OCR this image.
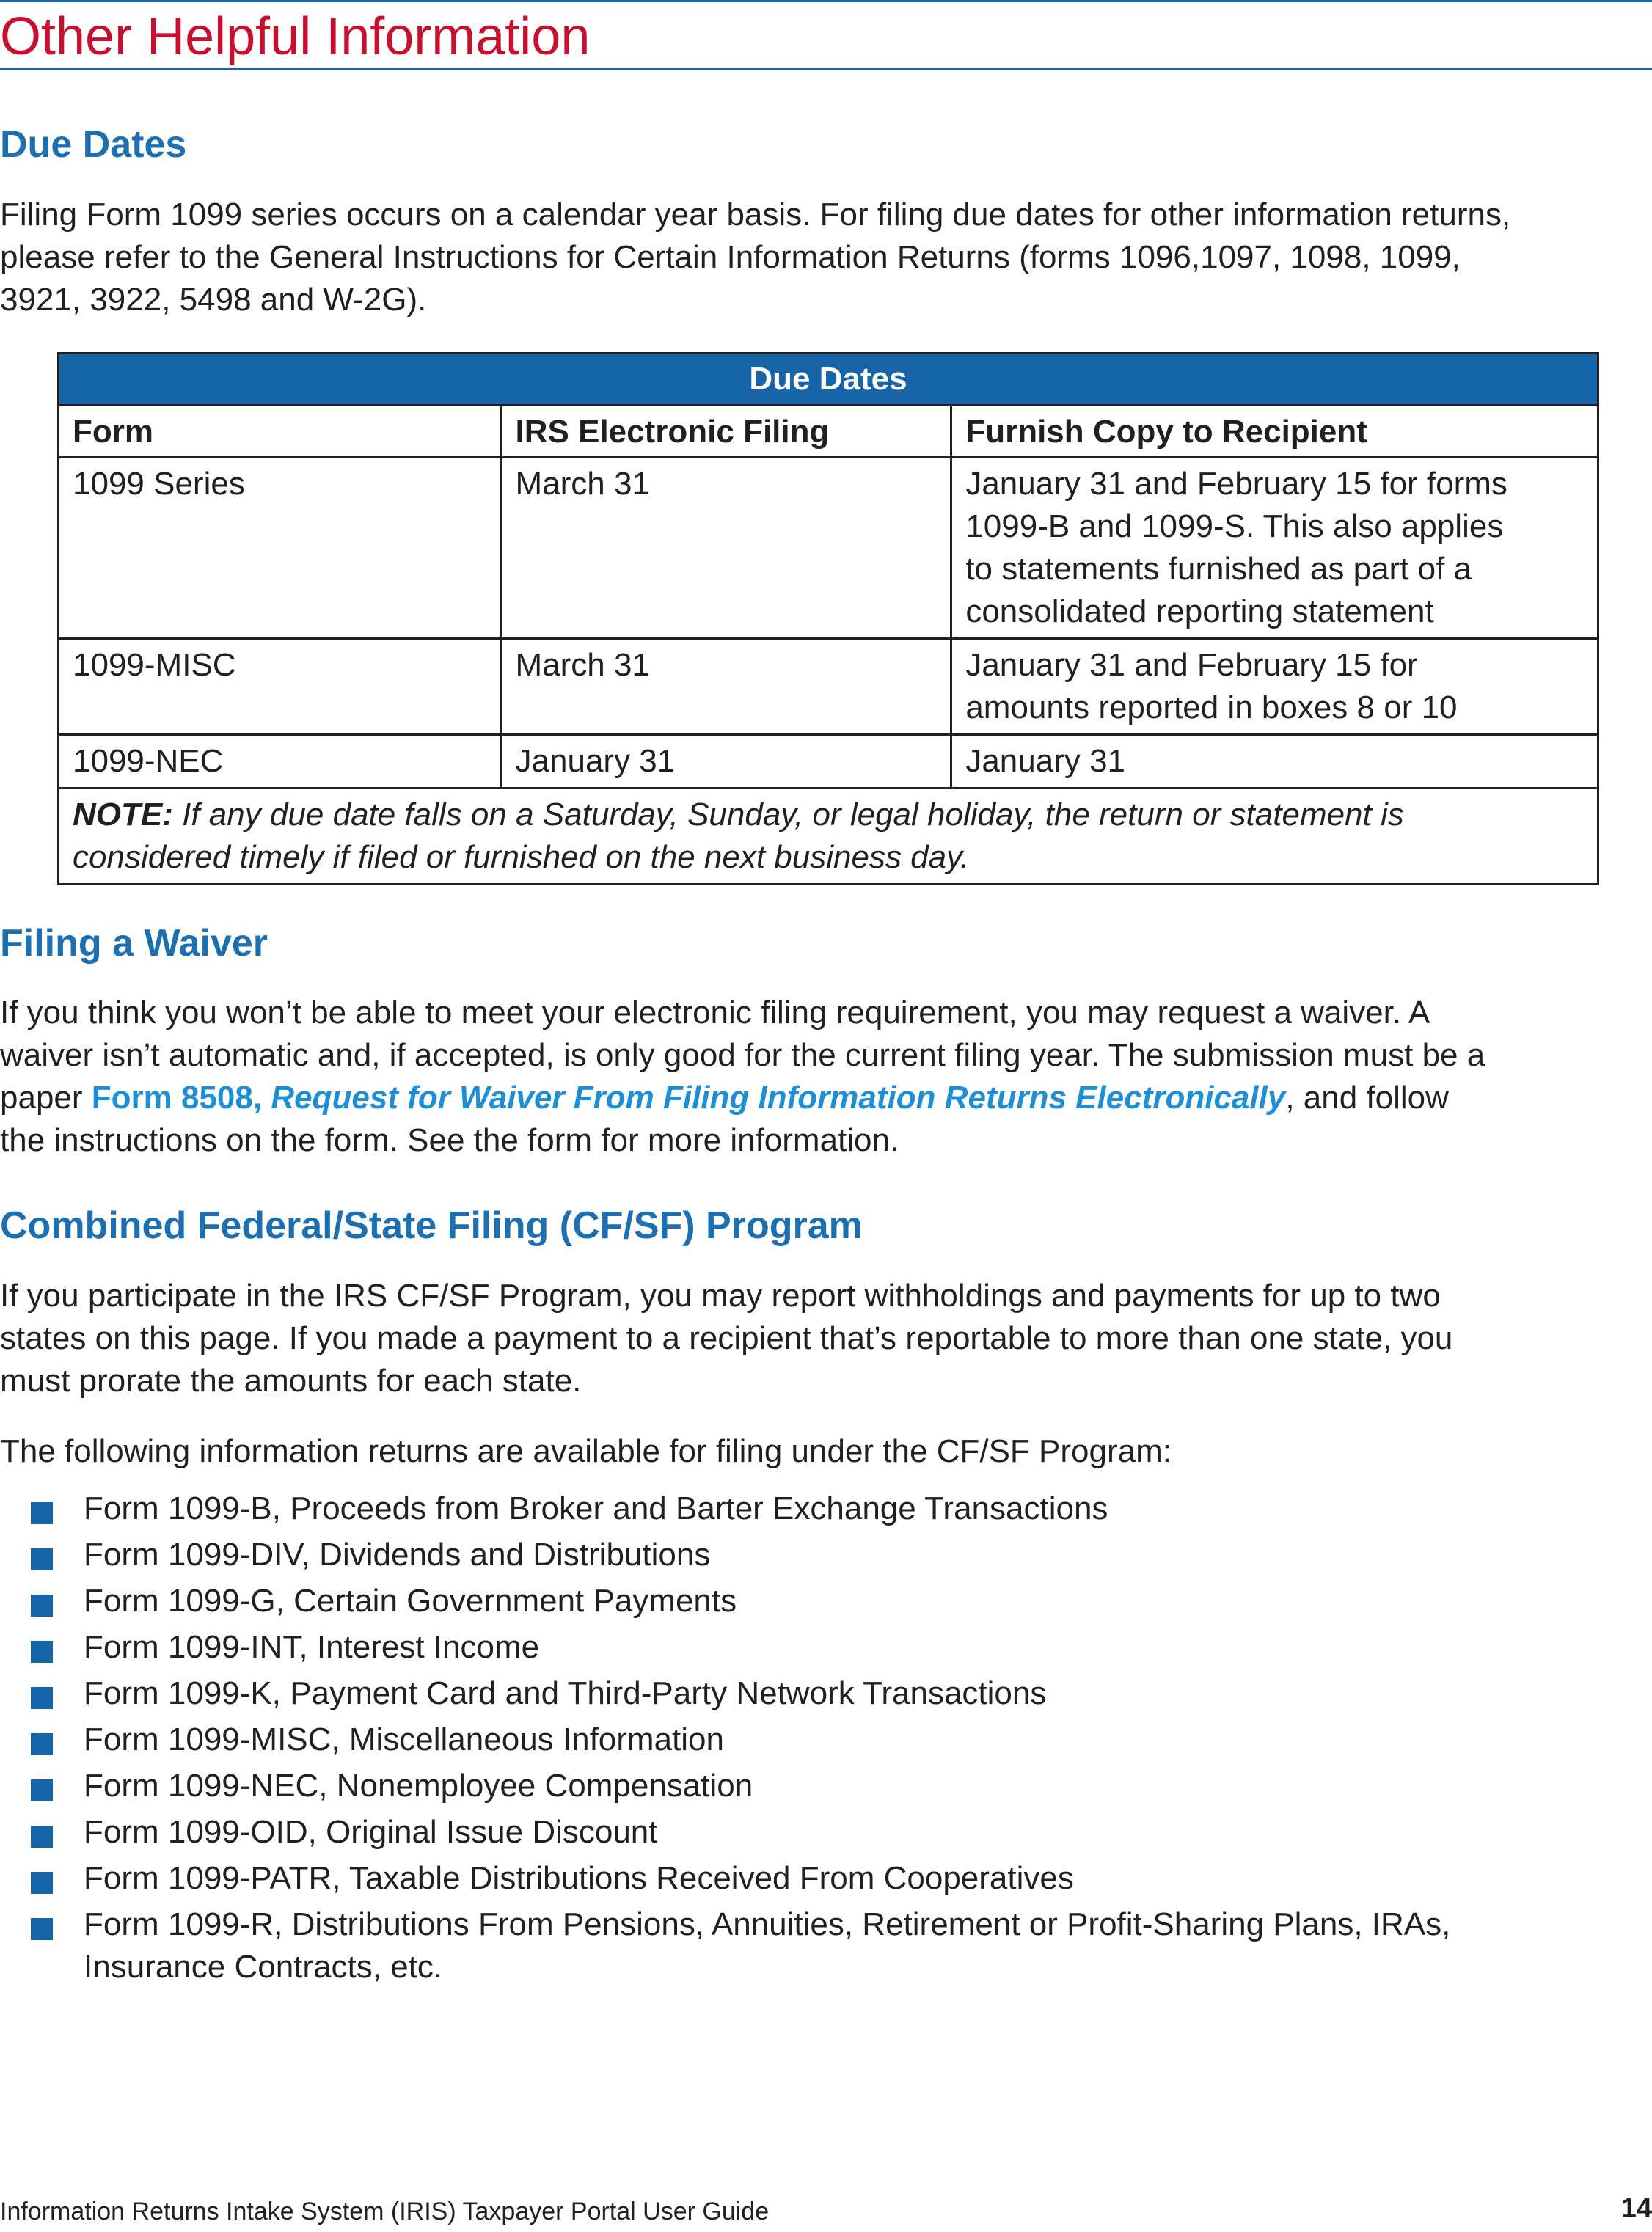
Other Helpful Information
Due Dates

Filing Form 1099 series occurs on a calendar year basis. For filing due dates for other information returns,
please refer to the General Instructions for Certain Information Returns (forms 1096,1097, 1098, 1099,
3921, 3922, 5498 and W-2G).

Due Dates		
Form	IRS Electronic Filing	Furnish Copy to Recipient
1099 Series	March 31	January 31 and February 15 for forms
1099-B and 1099-S. This also applies
to statements furnished as part of a
consolidated reporting statement

1099-MISC	March 31	January 31 and February 15 for
amounts reported in boxes 8 or 10

1099-NEC	January 31	January 31

NOTE: If any due date falls on a Saturday, Sunday, or legal holiday, the return or statement is
considered timely if filed or furnished on the next business day.		
Filing a Waiver

If you think you won’t be able to meet your electronic filing requirement, you may request a waiver. A
waiver isn’t automatic and, if accepted, is only good for the current filing year. The submission must be a
paper Form 8508, Request for Waiver From Filing Information Returns Electronically, and follow
the instructions on the form. See the form for more information.

Combined Federal/State Filing (CF/SF) Program

If you participate in the IRS CF/SF Program, you may report withholdings and payments for up to two
states on this page. If you made a payment to a recipient that’s reportable to more than one state, you
must prorate the amounts for each state.

The following information returns are available for filing under the CF/SF Program:

Form 1099-B, Proceeds from Broker and Barter Exchange Transactions
Form 1099-DIV, Dividends and Distributions
Form 1099-G, Certain Government Payments
Form 1099-INT, Interest Income
Form 1099-K, Payment Card and Third-Party Network Transactions
Form 1099-MISC, Miscellaneous Information
Form 1099-NEC, Nonemployee Compensation
Form 1099-OID, Original Issue Discount
Form 1099-PATR, Taxable Distributions Received From Cooperatives
Form 1099-R, Distributions From Pensions, Annuities, Retirement or Profit-Sharing Plans, IRAs,
Insurance Contracts, etc.
Information Returns Intake System (IRIS) Taxpayer Portal User Guide	14
